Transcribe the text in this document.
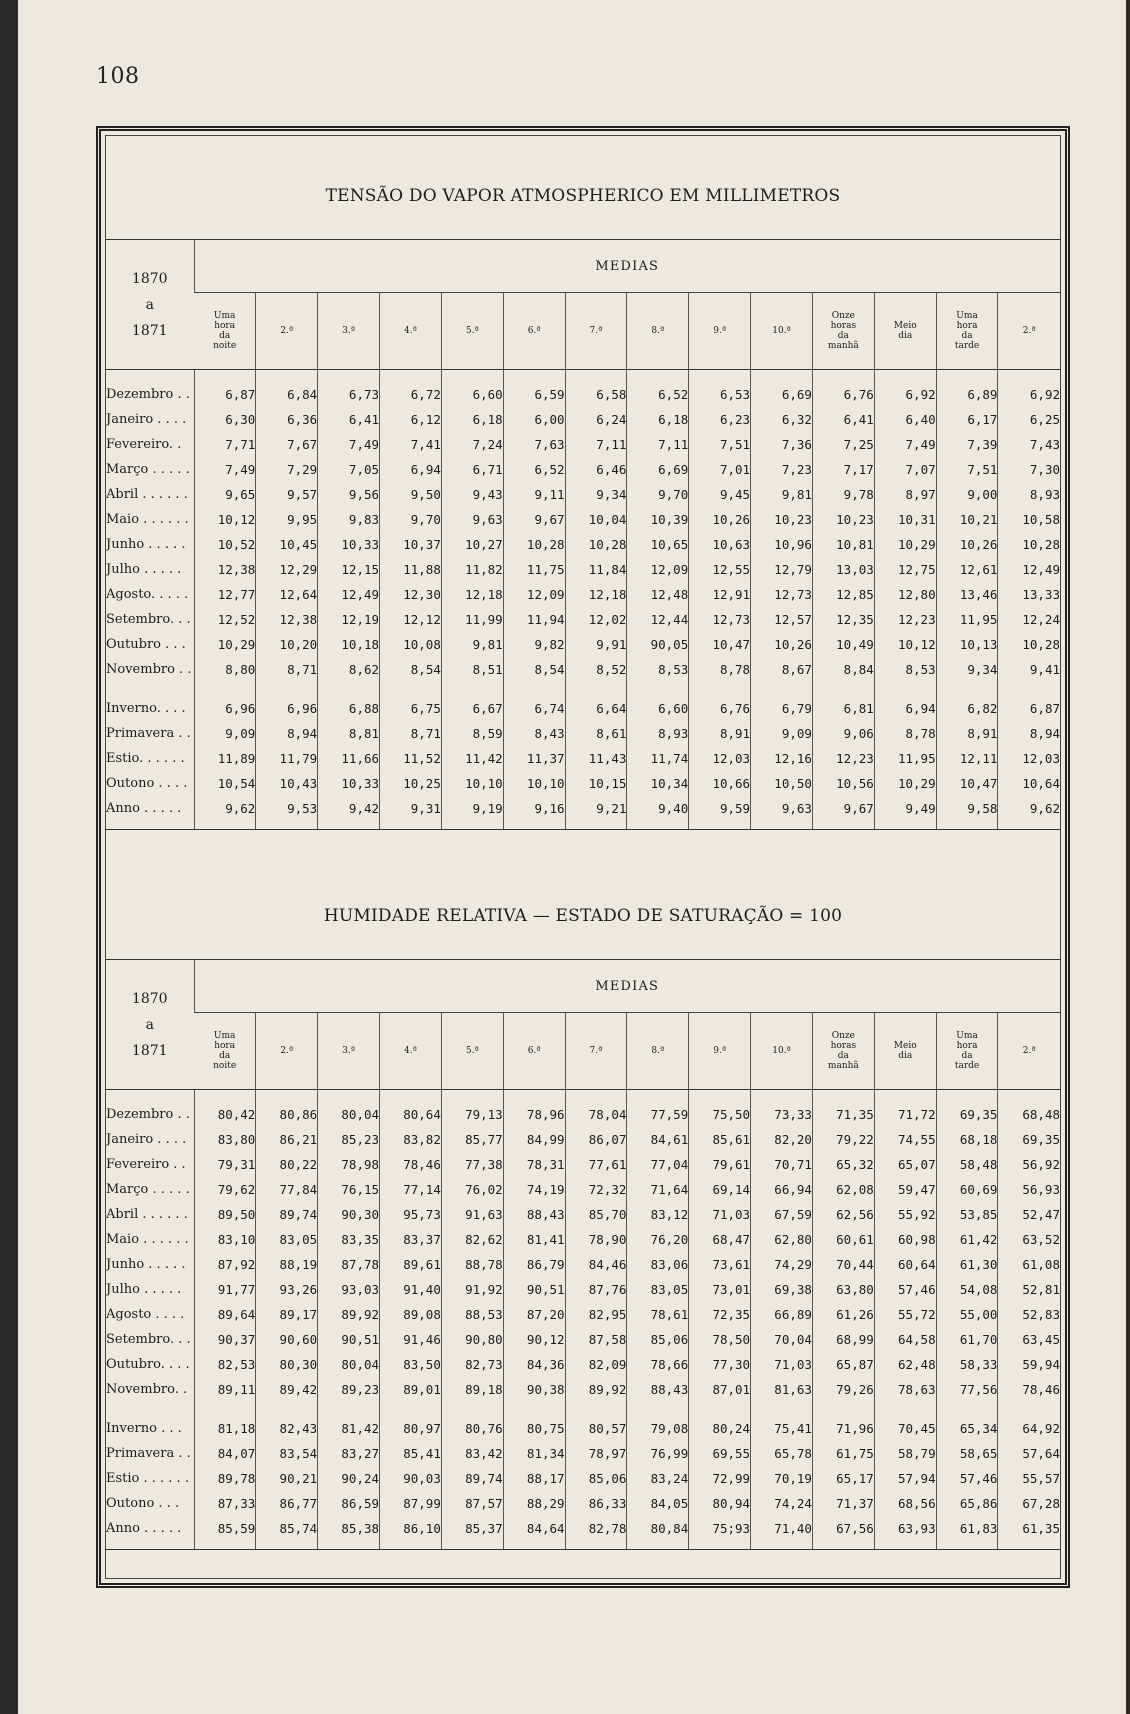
108
TENSÃO DO VAPOR ATMOSPHERICO EM MILLIMETROS
1870
a
1871	MEDIAS													
	Uma hora da noite	2.ª	3.ª	4.ª	5.ª	6.ª	7.ª	8.ª	9.ª	10.ª	Onze horas da manhã	Meio dia	Uma hora da tarde	2.ª
Dezembro . .	6,87	6,84	6,73	6,72	6,60	6,59	6,58	6,52	6,53	6,69	6,76	6,92	6,89	6,92
Janeiro . . . .	6,30	6,36	6,41	6,12	6,18	6,00	6,24	6,18	6,23	6,32	6,41	6,40	6,17	6,25
Fevereiro. .	7,71	7,67	7,49	7,41	7,24	7,63	7,11	7,11	7,51	7,36	7,25	7,49	7,39	7,43
Março . . . . .	7,49	7,29	7,05	6,94	6,71	6,52	6,46	6,69	7,01	7,23	7,17	7,07	7,51	7,30
Abril . . . . . .	9,65	9,57	9,56	9,50	9,43	9,11	9,34	9,70	9,45	9,81	9,78	8,97	9,00	8,93
Maio . . . . . .	10,12	9,95	9,83	9,70	9,63	9,67	10,04	10,39	10,26	10,23	10,23	10,31	10,21	10,58
Junho . . . . .	10,52	10,45	10,33	10,37	10,27	10,28	10,28	10,65	10,63	10,96	10,81	10,29	10,26	10,28
Julho . . . . .	12,38	12,29	12,15	11,88	11,82	11,75	11,84	12,09	12,55	12,79	13,03	12,75	12,61	12,49
Agosto. . . . .	12,77	12,64	12,49	12,30	12,18	12,09	12,18	12,48	12,91	12,73	12,85	12,80	13,46	13,33
Setembro. . .	12,52	12,38	12,19	12,12	11,99	11,94	12,02	12,44	12,73	12,57	12,35	12,23	11,95	12,24
Outubro . . .	10,29	10,20	10,18	10,08	9,81	9,82	9,91	90,05	10,47	10,26	10,49	10,12	10,13	10,28
Novembro . .	8,80	8,71	8,62	8,54	8,51	8,54	8,52	8,53	8,78	8,67	8,84	8,53	9,34	9,41
Inverno. . . .	6,96	6,96	6,88	6,75	6,67	6,74	6,64	6,60	6,76	6,79	6,81	6,94	6,82	6,87
Primavera . .	9,09	8,94	8,81	8,71	8,59	8,43	8,61	8,93	8,91	9,09	9,06	8,78	8,91	8,94
Estio. . . . . .	11,89	11,79	11,66	11,52	11,42	11,37	11,43	11,74	12,03	12,16	12,23	11,95	12,11	12,03
Outono . . . .	10,54	10,43	10,33	10,25	10,10	10,10	10,15	10,34	10,66	10,50	10,56	10,29	10,47	10,64
Anno . . . . .	9,62	9,53	9,42	9,31	9,19	9,16	9,21	9,40	9,59	9,63	9,67	9,49	9,58	9,62
HUMIDADE RELATIVA — ESTADO DE SATURAÇÃO = 100
1870
a
1871	MEDIAS													
	Uma hora da noite	2.ª	3.ª	4.ª	5.ª	6.ª	7.ª	8.ª	9.ª	10.ª	Onze horas da manhã	Meio dia	Uma hora da tarde	2.ª
Dezembro . .	80,42	80,86	80,04	80,64	79,13	78,96	78,04	77,59	75,50	73,33	71,35	71,72	69,35	68,48
Janeiro . . . .	83,80	86,21	85,23	83,82	85,77	84,99	86,07	84,61	85,61	82,20	79,22	74,55	68,18	69,35
Fevereiro . .	79,31	80,22	78,98	78,46	77,38	78,31	77,61	77,04	79,61	70,71	65,32	65,07	58,48	56,92
Março . . . . .	79,62	77,84	76,15	77,14	76,02	74,19	72,32	71,64	69,14	66,94	62,08	59,47	60,69	56,93
Abril . . . . . .	89,50	89,74	90,30	95,73	91,63	88,43	85,70	83,12	71,03	67,59	62,56	55,92	53,85	52,47
Maio . . . . . .	83,10	83,05	83,35	83,37	82,62	81,41	78,90	76,20	68,47	62,80	60,61	60,98	61,42	63,52
Junho . . . . .	87,92	88,19	87,78	89,61	88,78	86,79	84,46	83,06	73,61	74,29	70,44	60,64	61,30	61,08
Julho . . . . .	91,77	93,26	93,03	91,40	91,92	90,51	87,76	83,05	73,01	69,38	63,80	57,46	54,08	52,81
Agosto . . . .	89,64	89,17	89,92	89,08	88,53	87,20	82,95	78,61	72,35	66,89	61,26	55,72	55,00	52,83
Setembro. . .	90,37	90,60	90,51	91,46	90,80	90,12	87,58	85,06	78,50	70,04	68,99	64,58	61,70	63,45
Outubro. . . .	82,53	80,30	80,04	83,50	82,73	84,36	82,09	78,66	77,30	71,03	65,87	62,48	58,33	59,94
Novembro. .	89,11	89,42	89,23	89,01	89,18	90,38	89,92	88,43	87,01	81,63	79,26	78,63	77,56	78,46
Inverno . . .	81,18	82,43	81,42	80,97	80,76	80,75	80,57	79,08	80,24	75,41	71,96	70,45	65,34	64,92
Primavera . .	84,07	83,54	83,27	85,41	83,42	81,34	78,97	76,99	69,55	65,78	61,75	58,79	58,65	57,64
Estio . . . . . .	89,78	90,21	90,24	90,03	89,74	88,17	85,06	83,24	72,99	70,19	65,17	57,94	57,46	55,57
Outono . . .	87,33	86,77	86,59	87,99	87,57	88,29	86,33	84,05	80,94	74,24	71,37	68,56	65,86	67,28
Anno . . . . .	85,59	85,74	85,38	86,10	85,37	84,64	82,78	80,84	75;93	71,40	67,56	63,93	61,83	61,35
